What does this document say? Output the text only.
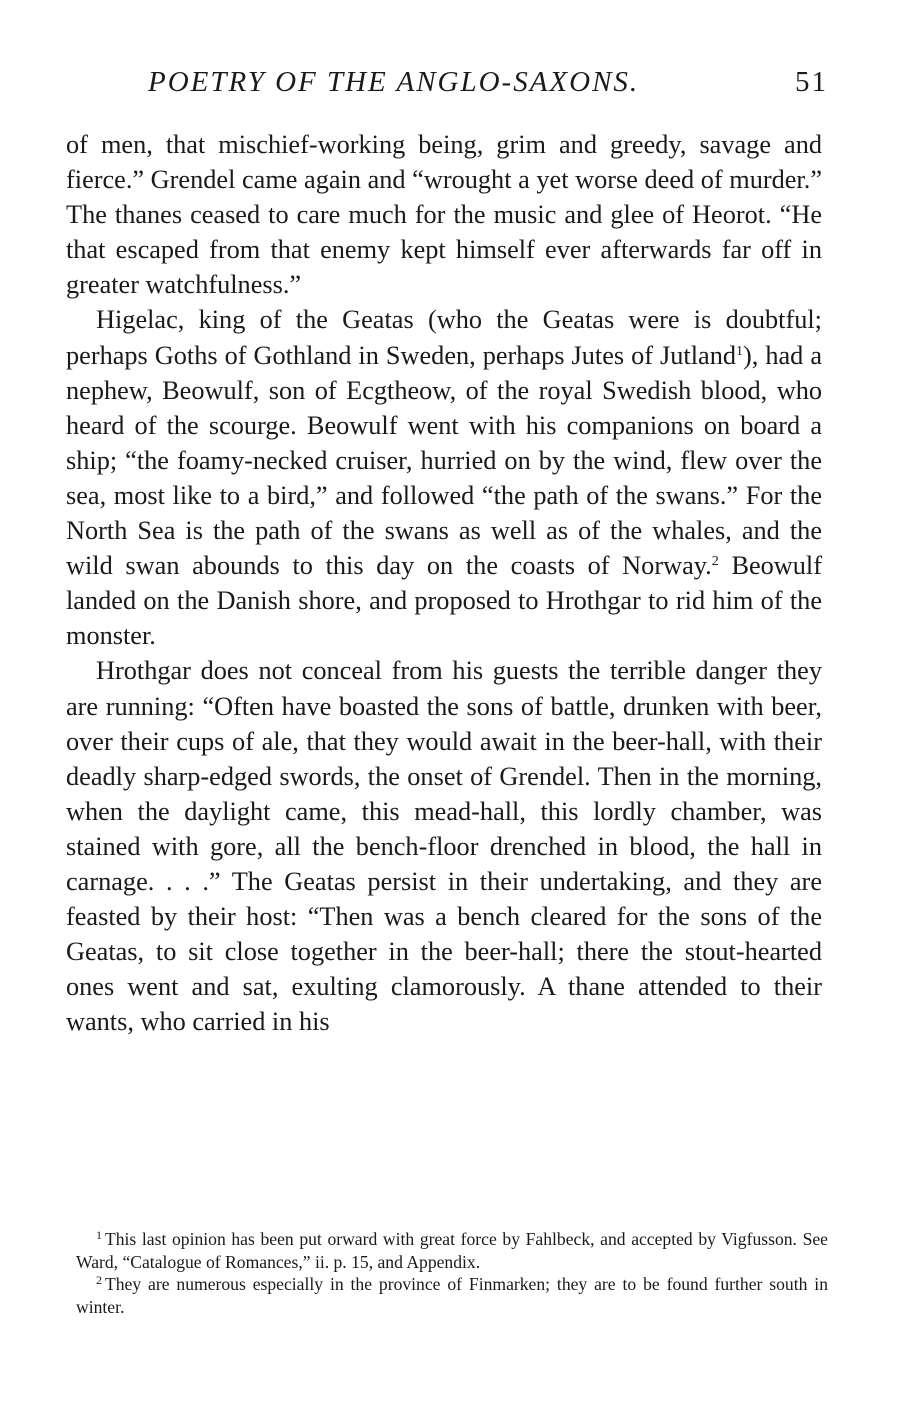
POETRY OF THE ANGLO-SAXONS.	51

of men, that mischief-working being, grim and greedy, savage and fierce.” Grendel came again and “wrought a yet worse deed of murder.” The thanes ceased to care much for the music and glee of Heorot. “He that escaped from that enemy kept himself ever afterwards far off in greater watchfulness.”

Higelac, king of the Geatas (who the Geatas were is doubtful; perhaps Goths of Gothland in Sweden, perhaps Jutes of Jutland$^1$), had a nephew, Beowulf, son of Ecgtheow, of the royal Swedish blood, who heard of the scourge. Beowulf went with his companions on board a ship; “the foamy-necked cruiser, hurried on by the wind, flew over the sea, most like to a bird,” and followed “the path of the swans.” For the North Sea is the path of the swans as well as of the whales, and the wild swan abounds to this day on the coasts of Norway.$^2$ Beowulf landed on the Danish shore, and proposed to Hrothgar to rid him of the monster.

Hrothgar does not conceal from his guests the terrible danger they are running: “Often have boasted the sons of battle, drunken with beer, over their cups of ale, that they would await in the beer-hall, with their deadly sharp-edged swords, the onset of Grendel. Then in the morning, when the daylight came, this mead-hall, this lordly chamber, was stained with gore, all the bench-floor drenched in blood, the hall in carnage. . . .” The Geatas persist in their undertaking, and they are feasted by their host: “Then was a bench cleared for the sons of the Geatas, to sit close together in the beer-hall; there the stout-hearted ones went and sat, exulting clamorously. A thane attended to their wants, who carried in his

$^1$ This last opinion has been put orward with great force by Fahlbeck, and accepted by Vigfusson. See Ward, “Catalogue of Romances,” ii. p. 15, and Appendix.

$^2$ They are numerous especially in the province of Finmarken; they are to be found further south in winter.
